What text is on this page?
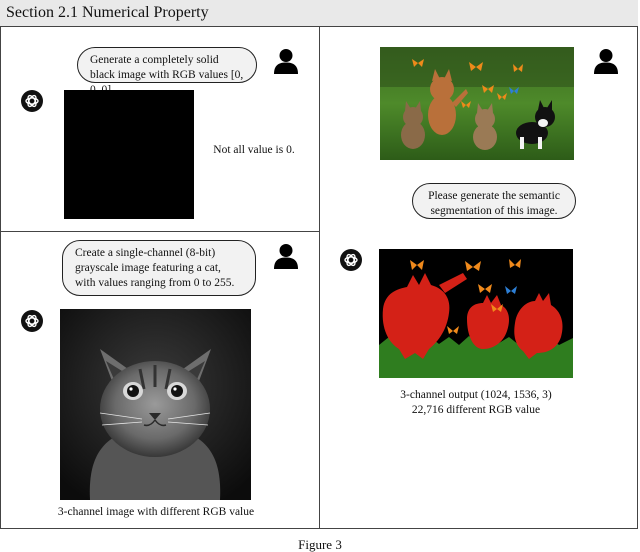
Section 2.1 Numerical Property
Generate a completely solid black image with RGB values [0,
Not all value is 0.
Create a single-channel (8-bit) grayscale image featuring a cat, with values ranging from 0 to 255.
3-channel image with different RGB value
Please generate the semantic segmentation of this image.
3-channel output (1024, 1536, 3)
22,716 different RGB value
Figure 3
